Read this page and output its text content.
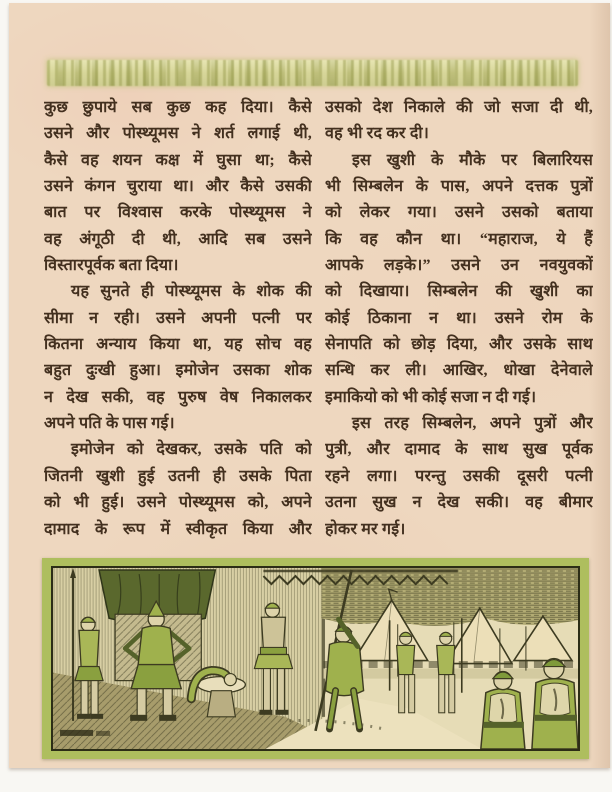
कुछ छुपाये सब कुछ कह दिया। कैसे
उसने और पोस्थ्यूमस ने शर्त लगाई थी,
कैसे वह शयन कक्ष में घुसा था; कैसे
उसने कंगन चुराया था। और कैसे उसकी
बात पर विश्वास करके पोस्थ्यूमस ने
वह अंगूठी दी थी, आदि सब उसने
विस्तारपूर्वक बता दिया।
यह सुनते ही पोस्थ्यूमस के शोक की
सीमा न रही। उसने अपनी पत्नी पर
कितना अन्याय किया था, यह सोच वह
बहुत दुःखी हुआ। इमोजेन उसका शोक
न देख सकी, वह पुरुष वेष निकालकर
अपने पति के पास गई।
इमोजेन को देखकर, उसके पति को
जितनी खुशी हुई उतनी ही उसके पिता
को भी हुई। उसने पोस्थ्यूमस को, अपने
दामाद के रूप में स्वीकृत किया और
उसको देश निकाले की जो सजा दी थी,
वह भी रद कर दी।
इस खुशी के मौके पर बिलारियस
भी सिम्बलेन के पास, अपने दत्तक पुत्रों
को लेकर गया। उसने उसको बताया
कि वह कौन था। “महाराज, ये हैं
आपके लड़के।” उसने उन नवयुवकों
को दिखाया। सिम्बलेन की खुशी का
कोई ठिकाना न था। उसने रोम के
सेनापति को छोड़ दिया, और उसके साथ
सन्धि कर ली। आखिर, धोखा देनेवाले
इमाकियो को भी कोई सजा न दी गई।
इस तरह सिम्बलेन, अपने पुत्रों और
पुत्री, और दामाद के साथ सुख पूर्वक
रहने लगा। परन्तु उसकी दूसरी पत्नी
उतना सुख न देख सकी। वह बीमार
होकर मर गई।
